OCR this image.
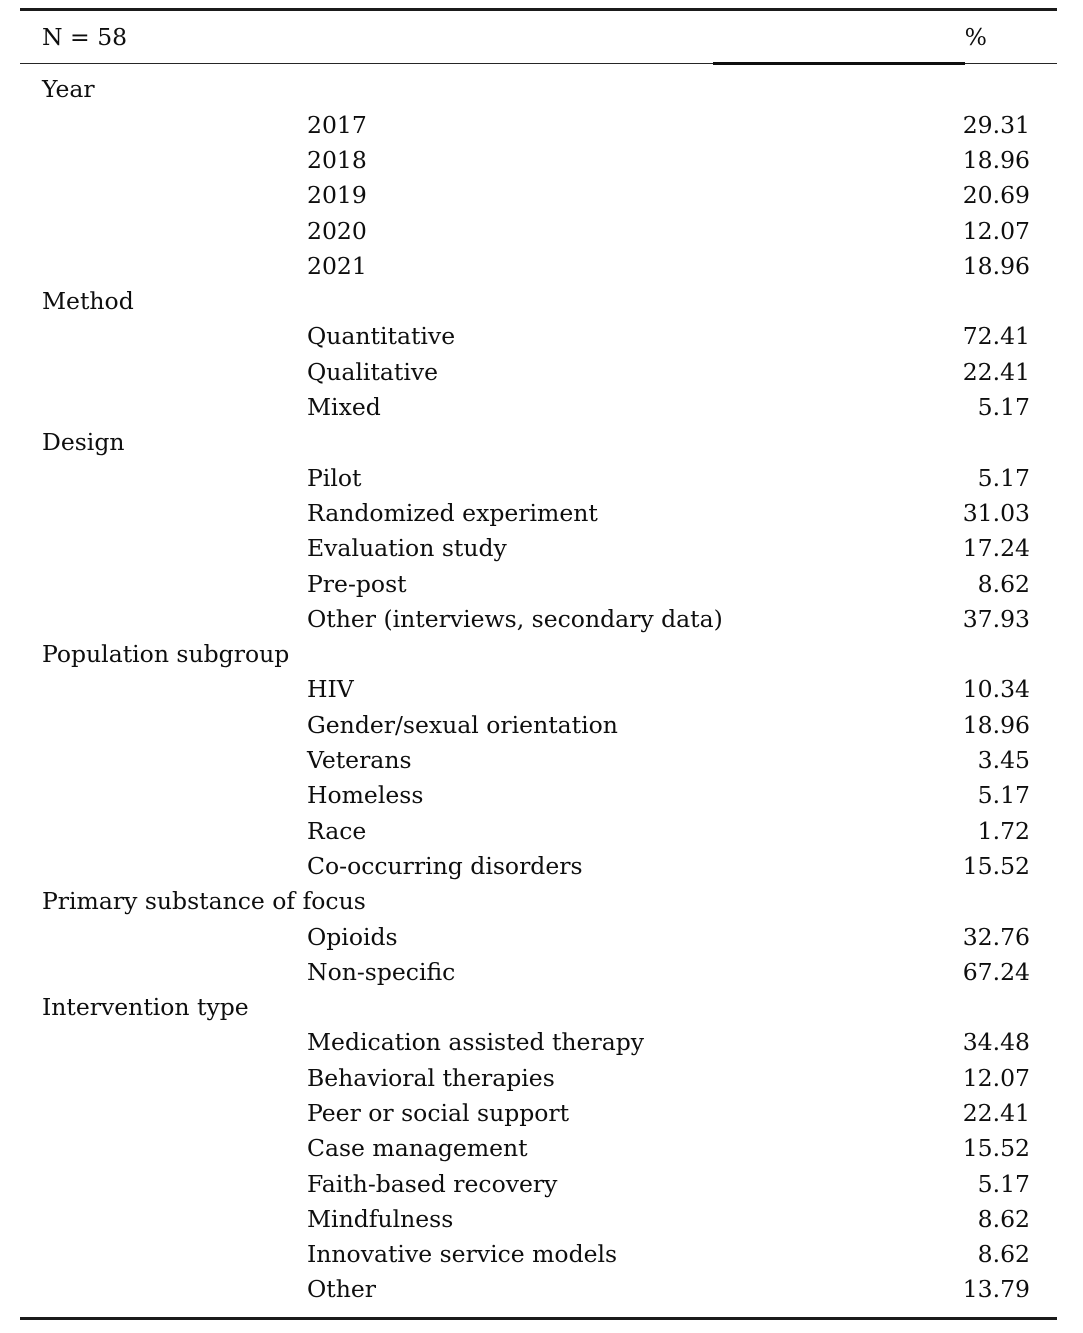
N = 58	%
Year
2017	29.31
2018	18.96
2019	20.69
2020	12.07
2021	18.96
Method
Quantitative	72.41
Qualitative	22.41
Mixed	5.17
Design
Pilot	5.17
Randomized experiment	31.03
Evaluation study	17.24
Pre-post	8.62
Other (interviews, secondary data)	37.93
Population subgroup
HIV	10.34
Gender/sexual orientation	18.96
Veterans	3.45
Homeless	5.17
Race	1.72
Co-occurring disorders	15.52
Primary substance of focus
Opioids	32.76
Non-specific	67.24
Intervention type
Medication assisted therapy	34.48
Behavioral therapies	12.07
Peer or social support	22.41
Case management	15.52
Faith-based recovery	5.17
Mindfulness	8.62
Innovative service models	8.62
Other	13.79
